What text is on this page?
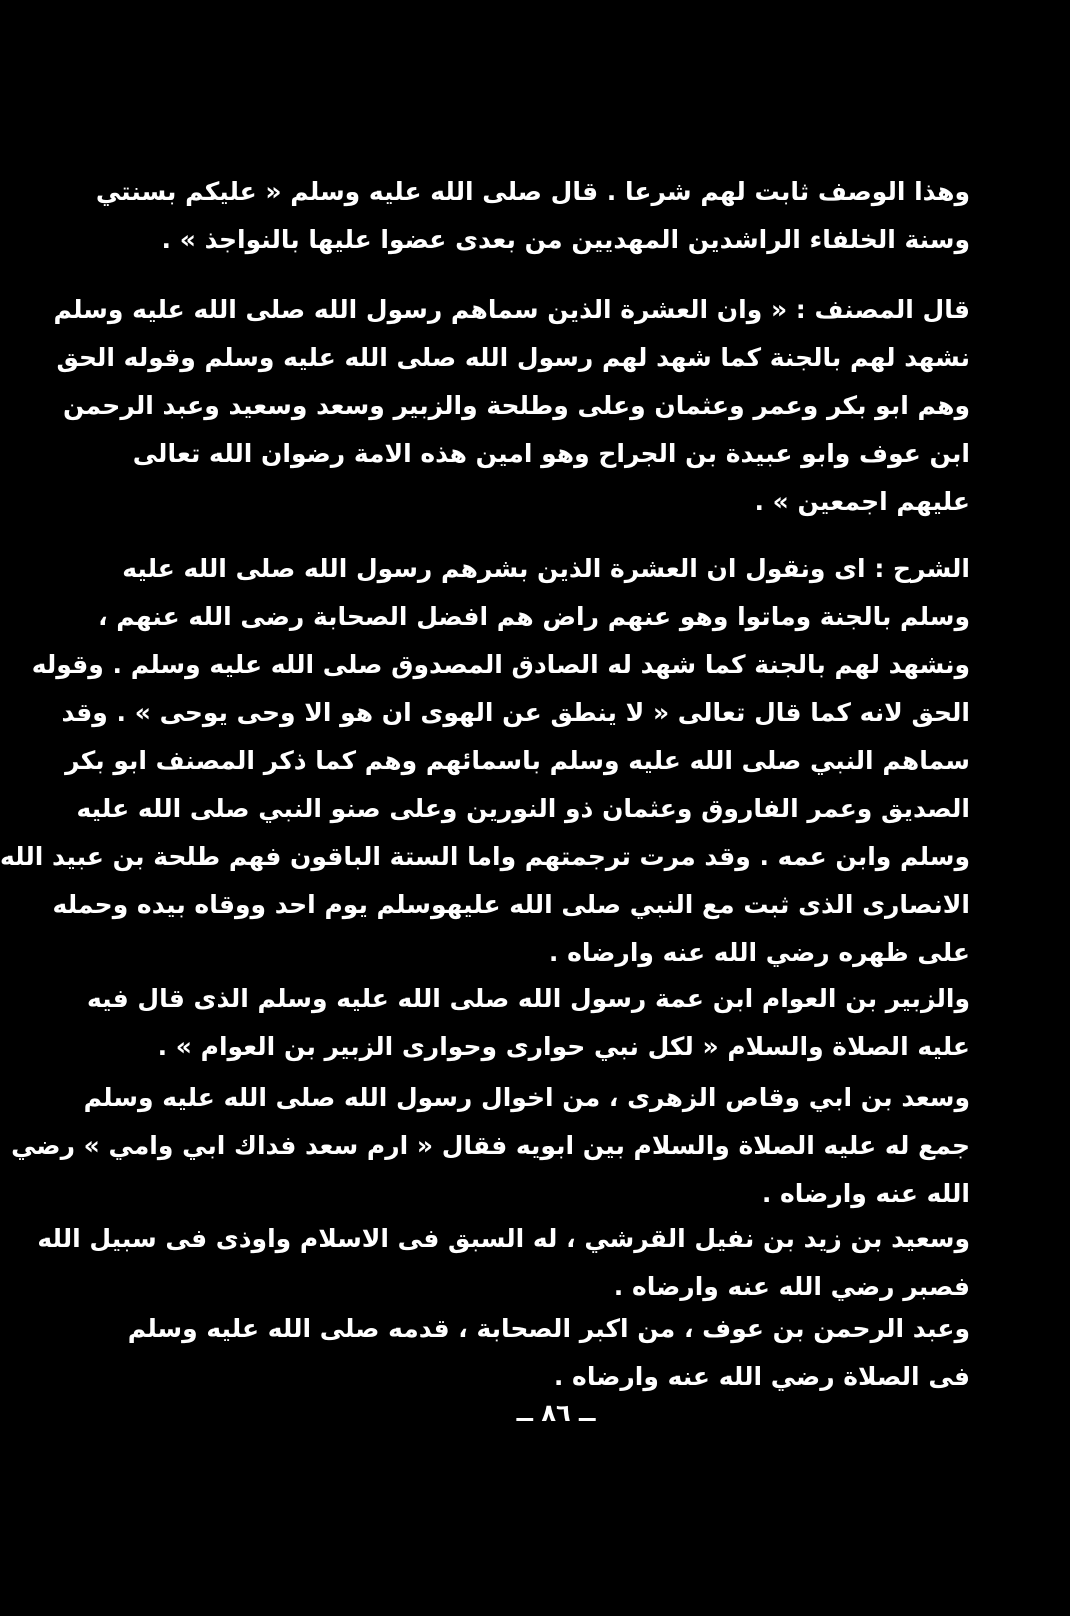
وهذا الوصف ثابت لهم شرعا . قال صلى الله عليه وسلم « عليكم بسنتي
وسنة الخلفاء الراشدين المهديين من بعدى عضوا عليها بالنواجذ » .
قال المصنف : « وان العشرة الذين سماهم رسول الله صلى الله عليه وسلم
نشهد لهم بالجنة كما شهد لهم رسول الله صلى الله عليه وسلم وقوله الحق
وهم ابو بكر وعمر وعثمان وعلى وطلحة والزبير وسعد وسعيد وعبد الرحمن
ابن عوف وابو عبيدة بن الجراح وهو امين هذه الامة رضوان الله تعالى
عليهم اجمعين » .
الشرح : اى ونقول ان العشرة الذين بشرهم رسول الله صلى الله عليه
وسلم بالجنة وماتوا وهو عنهم راض هم افضل الصحابة رضى الله عنهم ،
ونشهد لهم بالجنة كما شهد له الصادق المصدوق صلى الله عليه وسلم . وقوله
الحق لانه كما قال تعالى « لا ينطق عن الهوى ان هو الا وحى يوحى » . وقد
سماهم النبي صلى الله عليه وسلم باسمائهم وهم كما ذكر المصنف ابو بكر
الصديق وعمر الفاروق وعثمان ذو النورين وعلى صنو النبي صلى الله عليه
وسلم وابن عمه . وقد مرت ترجمتهم واما الستة الباقون فهم طلحة بن عبيد الله
الانصارى الذى ثبت مع النبي صلى الله عليهوسلم يوم احد ووقاه بيده وحمله
على ظهره رضي الله عنه وارضاه .
والزبير بن العوام ابن عمة رسول الله صلى الله عليه وسلم الذى قال فيه
عليه الصلاة والسلام « لكل نبي حوارى وحوارى الزبير بن العوام » .
وسعد بن ابي وقاص الزهرى ، من اخوال رسول الله صلى الله عليه وسلم
جمع له عليه الصلاة والسلام بين ابويه فقال « ارم سعد فداك ابي وامي » رضي
الله عنه وارضاه .
وسعيد بن زيد بن نفيل القرشي ، له السبق فى الاسلام واوذى فى سبيل الله
فصبر رضي الله عنه وارضاه .
وعبد الرحمن بن عوف ، من اكبر الصحابة ، قدمه صلى الله عليه وسلم
فى الصلاة رضي الله عنه وارضاه .
ــ ٨٦ ــ
